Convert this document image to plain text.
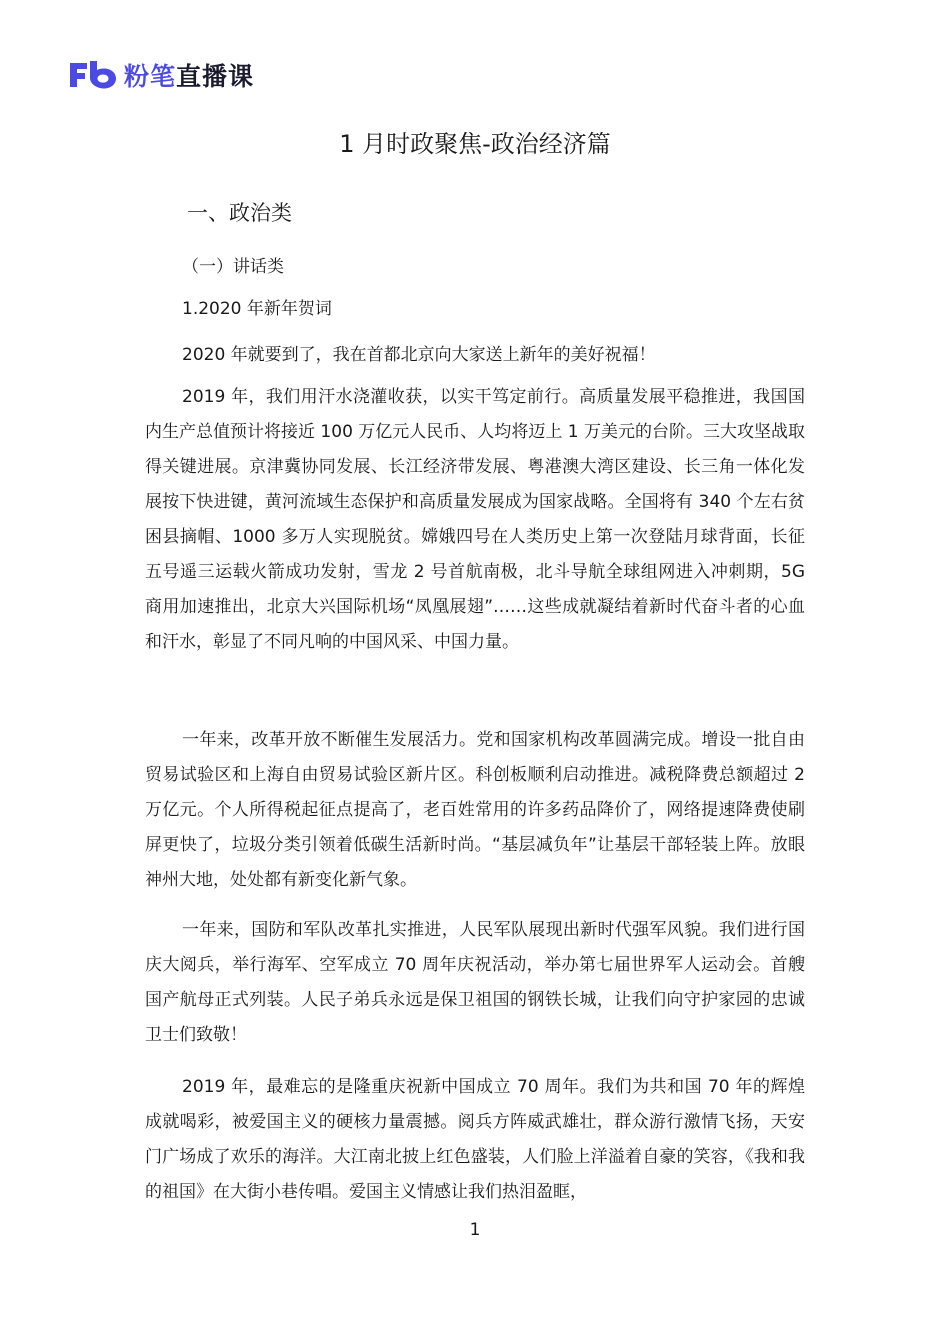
粉笔直播课
1 月时政聚焦-政治经济篇
一、政治类
（一）讲话类

1.2020 年新年贺词

2020 年就要到了，我在首都北京向大家送上新年的美好祝福！

2019 年，我们用汗水浇灌收获，以实干笃定前行。高质量发展平稳推进，我国国内生产总值预计将接近 100 万亿元人民币、人均将迈上 1 万美元的台阶。三大攻坚战取得关键进展。京津冀协同发展、长江经济带发展、粤港澳大湾区建设、长三角一体化发展按下快进键，黄河流域生态保护和高质量发展成为国家战略。全国将有 340 个左右贫困县摘帽、1000 多万人实现脱贫。嫦娥四号在人类历史上第一次登陆月球背面，长征五号遥三运载火箭成功发射，雪龙 2 号首航南极，北斗导航全球组网进入冲刺期，5G 商用加速推出，北京大兴国际机场“凤凰展翅”……这些成就凝结着新时代奋斗者的心血和汗水，彰显了不同凡响的中国风采、中国力量。

一年来，改革开放不断催生发展活力。党和国家机构改革圆满完成。增设一批自由贸易试验区和上海自由贸易试验区新片区。科创板顺利启动推进。减税降费总额超过 2 万亿元。个人所得税起征点提高了，老百姓常用的许多药品降价了，网络提速降费使刷屏更快了，垃圾分类引领着低碳生活新时尚。“基层减负年”让基层干部轻装上阵。放眼神州大地，处处都有新变化新气象。

一年来，国防和军队改革扎实推进，人民军队展现出新时代强军风貌。我们进行国庆大阅兵，举行海军、空军成立 70 周年庆祝活动，举办第七届世界军人运动会。首艘国产航母正式列装。人民子弟兵永远是保卫祖国的钢铁长城，让我们向守护家园的忠诚卫士们致敬！

2019 年，最难忘的是隆重庆祝新中国成立 70 周年。我们为共和国 70 年的辉煌成就喝彩，被爱国主义的硬核力量震撼。阅兵方阵威武雄壮，群众游行激情飞扬，天安门广场成了欢乐的海洋。大江南北披上红色盛装，人们脸上洋溢着自豪的笑容，《我和我的祖国》在大街小巷传唱。爱国主义情感让我们热泪盈眶，

1
